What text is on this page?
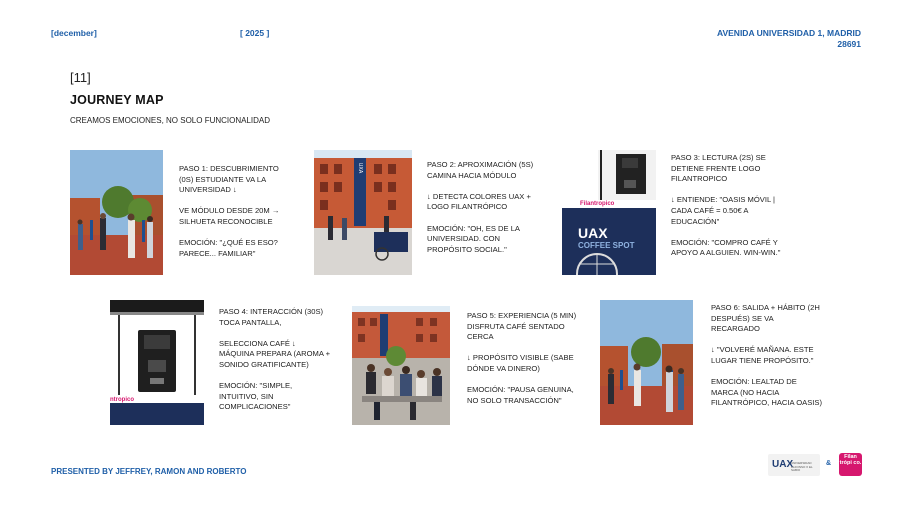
[december]	[ 2025 ]	AVENIDA UNIVERSIDAD 1, MADRID
28691
[11]
JOURNEY MAP
CREAMOS EMOCIONES, NO SOLO FUNCIONALIDAD

PASO 1: DESCUBRIMIENTO (0S) ESTUDIANTE VA LA UNIVERSIDAD ↓

VE MÓDULO DESDE 20M → SILHUETA RECONOCIBLE

EMOCIÓN: "¿QUÉ ES ESO? PARECE... FAMILIAR"

UXA	PASO 2: APROXIMACIÓN (5S) CAMINA HACIA MÓDULO

↓ DETECTA COLORES UAX + LOGO FILANTRÓPICO

EMOCIÓN: "OH, ES DE LA UNIVERSIDAD. CON PROPÓSITO SOCIAL."

Filantropico
UAX
COFFEE SPOT

PASO 3: LECTURA (2S) SE DETIENE FRENTE LOGO FILANTROPICO

↓ ENTIENDE: "OASIS MÓVIL | CADA CAFÉ = 0.50€ A EDUCACIÓN"

EMOCIÓN: "COMPRO CAFÉ Y APOYO A ALGUIEN. WIN-WIN."

ntropico

PASO 4: INTERACCIÓN (30S) TOCA PANTALLA,

SELECCIONA CAFÉ ↓ MÁQUINA PREPARA (AROMA + SONIDO GRATIFICANTE)

EMOCIÓN: "SIMPLE, INTUITIVO, SIN COMPLICACIONES"

PASO 5: EXPERIENCIA (5 MIN) DISFRUTA CAFÉ SENTADO CERCA

↓ PROPÓSITO VISIBLE (SABE DÓNDE VA DINERO)

EMOCIÓN: "PAUSA GENUINA, NO SOLO TRANSACCIÓN"

PASO 6: SALIDA + HÁBITO (2H DESPUÉS) SE VA RECARGADO

↓ "VOLVERÉ MAÑANA. ESTE LUGAR TIENE PROPÓSITO."

EMOCIÓN: LEALTAD DE MARCA (NO HACIA FILANTRÓPICO, HACIA OASIS)

PRESENTED BY JEFFREY, RAMON AND ROBERTO
UAX
UNIVERSIDAD ALFONSO X EL SABIO
&
Filan trópi co.
